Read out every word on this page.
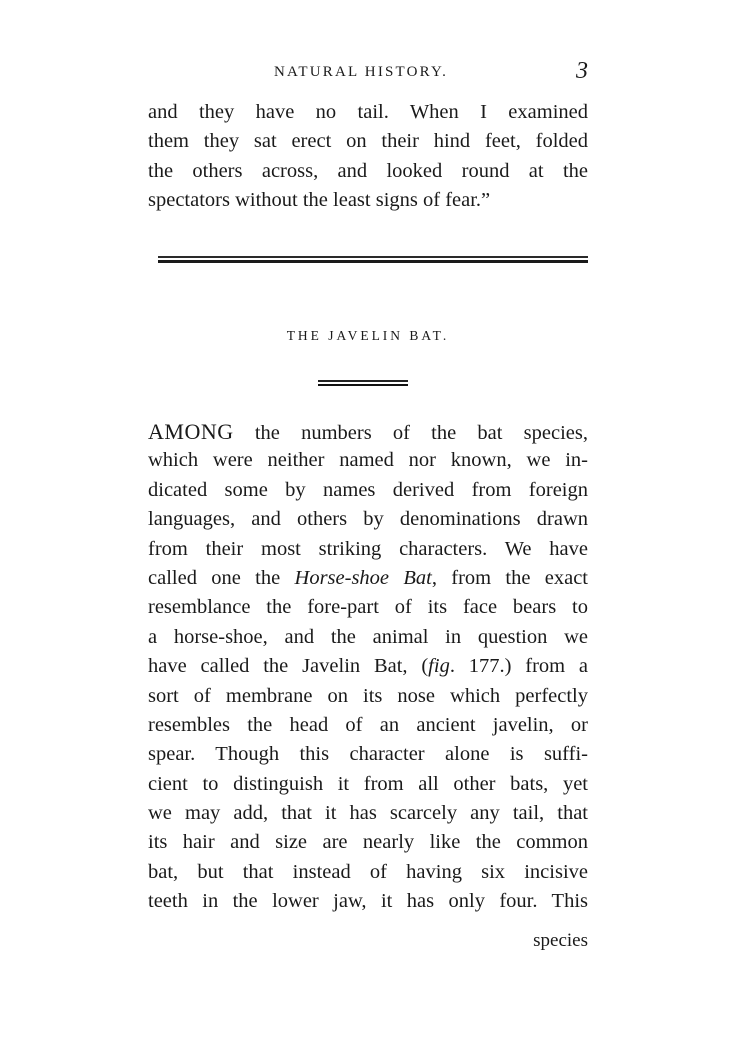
NATURAL HISTORY.	3
and they have no tail. When I examined
them they sat erect on their hind feet, folded
the others across, and looked round at the
spectators without the least signs of fear.”
THE JAVELIN BAT.
AMONG the numbers of the bat species,
which were neither named nor known, we in-
dicated some by names derived from foreign
languages, and others by denominations drawn
from their most striking characters. We have
called one the Horse-shoe Bat, from the exact
resemblance the fore-part of its face bears to
a horse-shoe, and the animal in question we
have called the Javelin Bat, (fig. 177.) from a
sort of membrane on its nose which perfectly
resembles the head of an ancient javelin, or
spear. Though this character alone is suffi-
cient to distinguish it from all other bats, yet
we may add, that it has scarcely any tail, that
its hair and size are nearly like the common
bat, but that instead of having six incisive
teeth in the lower jaw, it has only four. This
species
